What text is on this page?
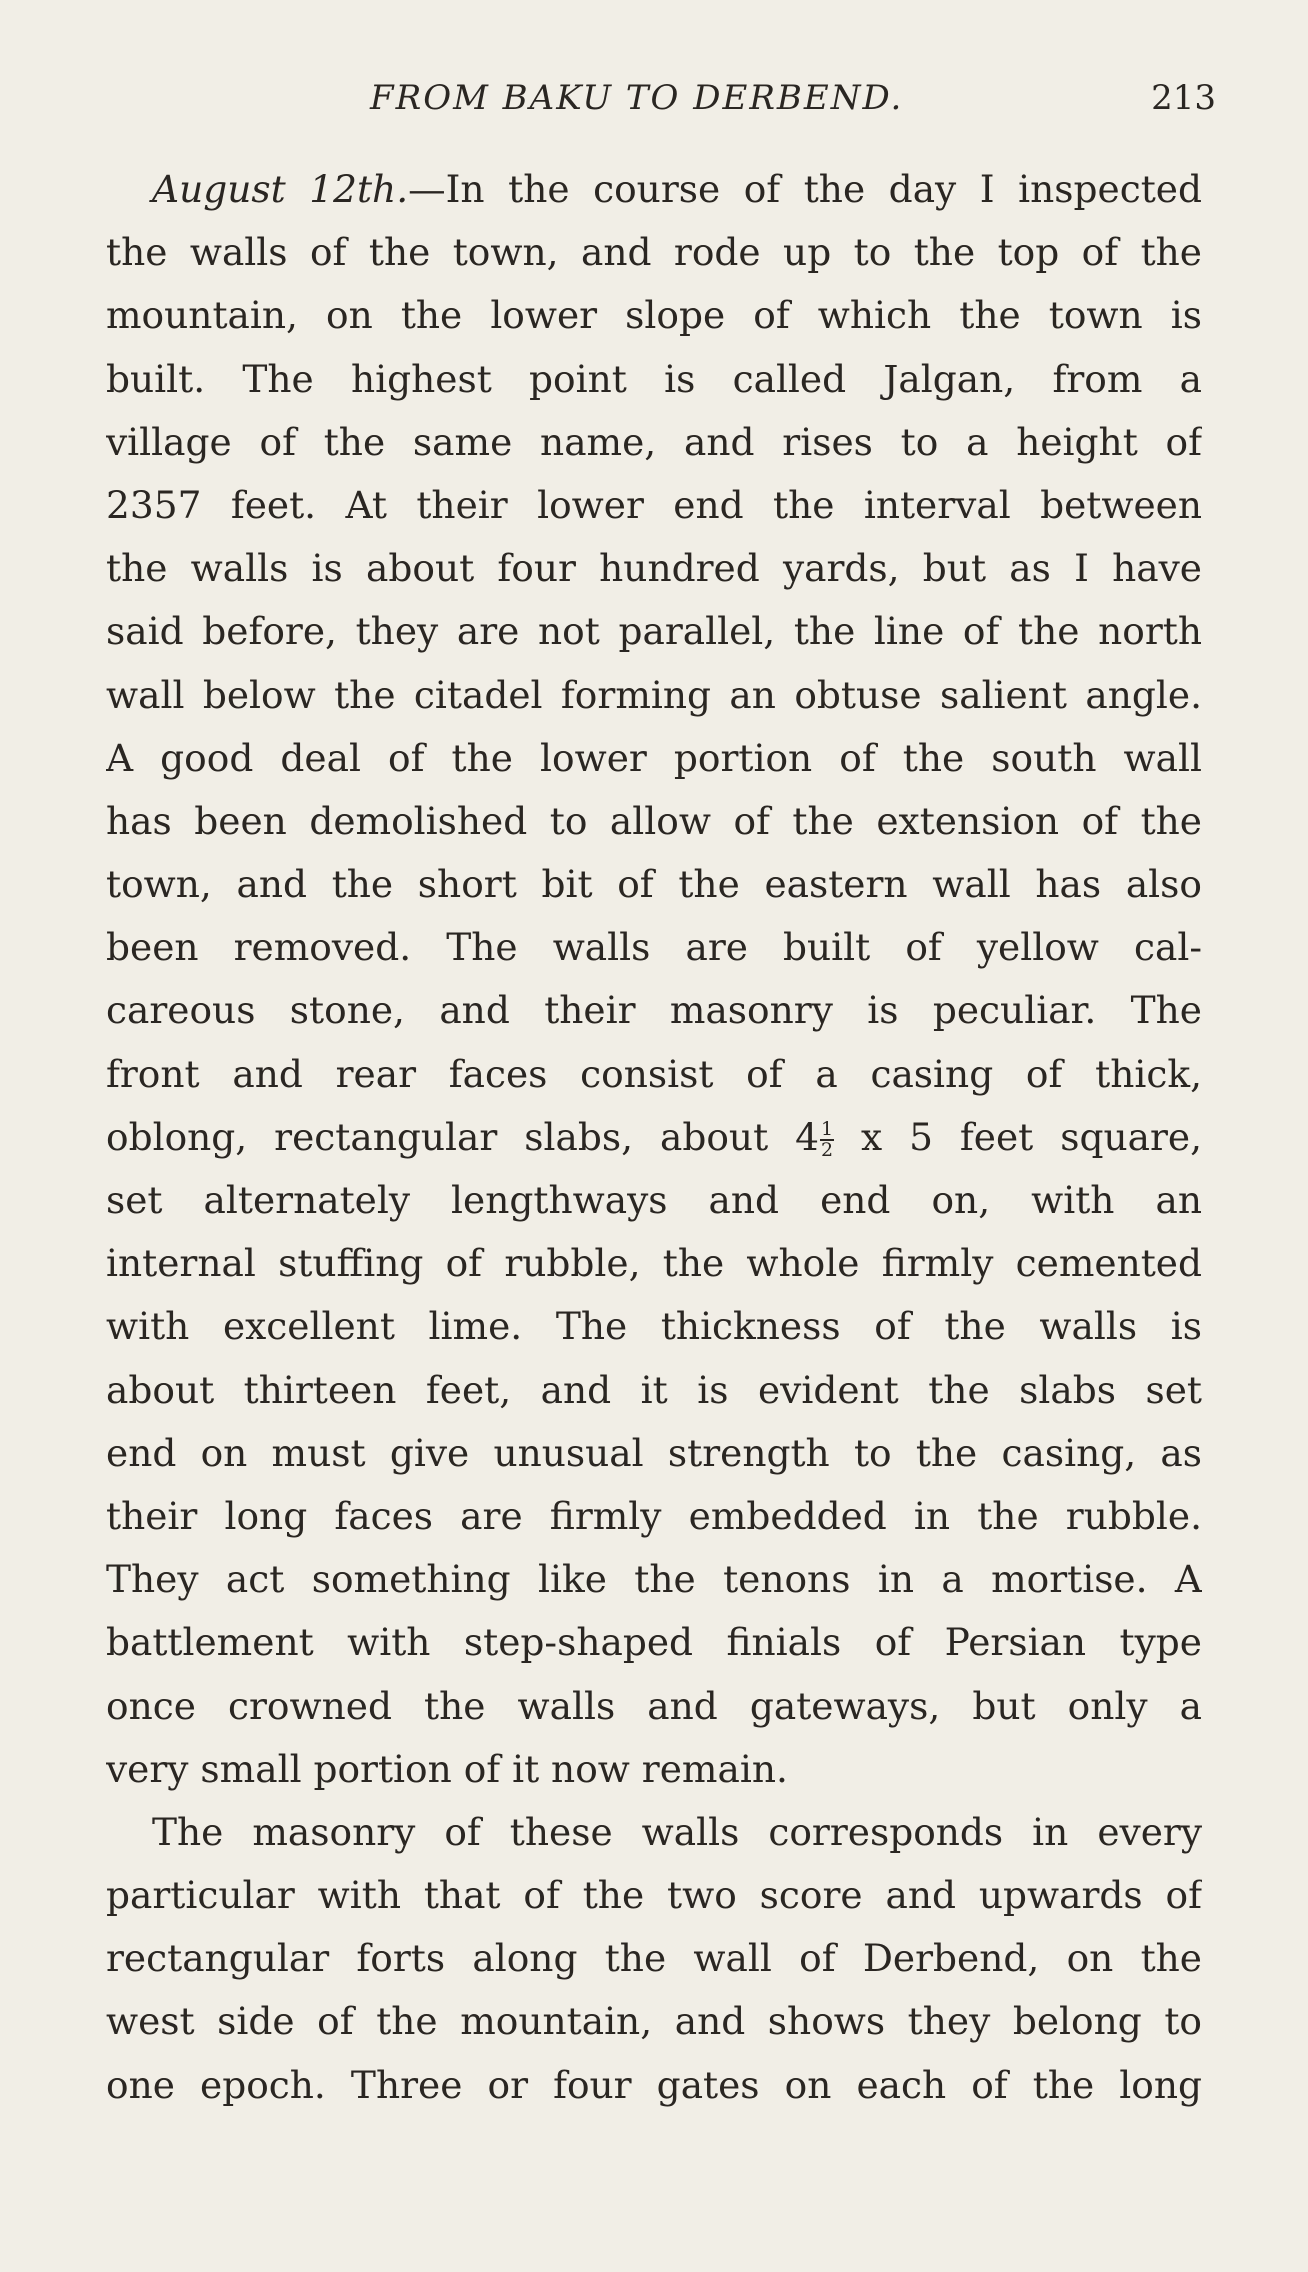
FROM BAKU TO DERBEND.	213
August 12th.—In the course of the day I inspected
the walls of the town, and rode up to the top of the
mountain, on the lower slope of which the town is
built. The highest point is called Jalgan, from a
village of the same name, and rises to a height of
2357 feet. At their lower end the interval between
the walls is about four hundred yards, but as I have
said before, they are not parallel, the line of the north
wall below the citadel forming an obtuse salient angle.
A good deal of the lower portion of the south wall
has been demolished to allow of the extension of the
town, and the short bit of the eastern wall has also
been removed. The walls are built of yellow cal-
careous stone, and their masonry is peculiar. The
front and rear faces consist of a casing of thick,
oblong, rectangular slabs, about $4 \frac{1}{2}$ x 5 feet square,
set alternately lengthways and end on, with an
internal stuffing of rubble, the whole firmly cemented
with excellent lime. The thickness of the walls is
about thirteen feet, and it is evident the slabs set
end on must give unusual strength to the casing, as
their long faces are firmly embedded in the rubble.
They act something like the tenons in a mortise. A
battlement with step-shaped finials of Persian type
once crowned the walls and gateways, but only a
very small portion of it now remain.
The masonry of these walls corresponds in every
particular with that of the two score and upwards of
rectangular forts along the wall of Derbend, on the
west side of the mountain, and shows they belong to
one epoch. Three or four gates on each of the long
